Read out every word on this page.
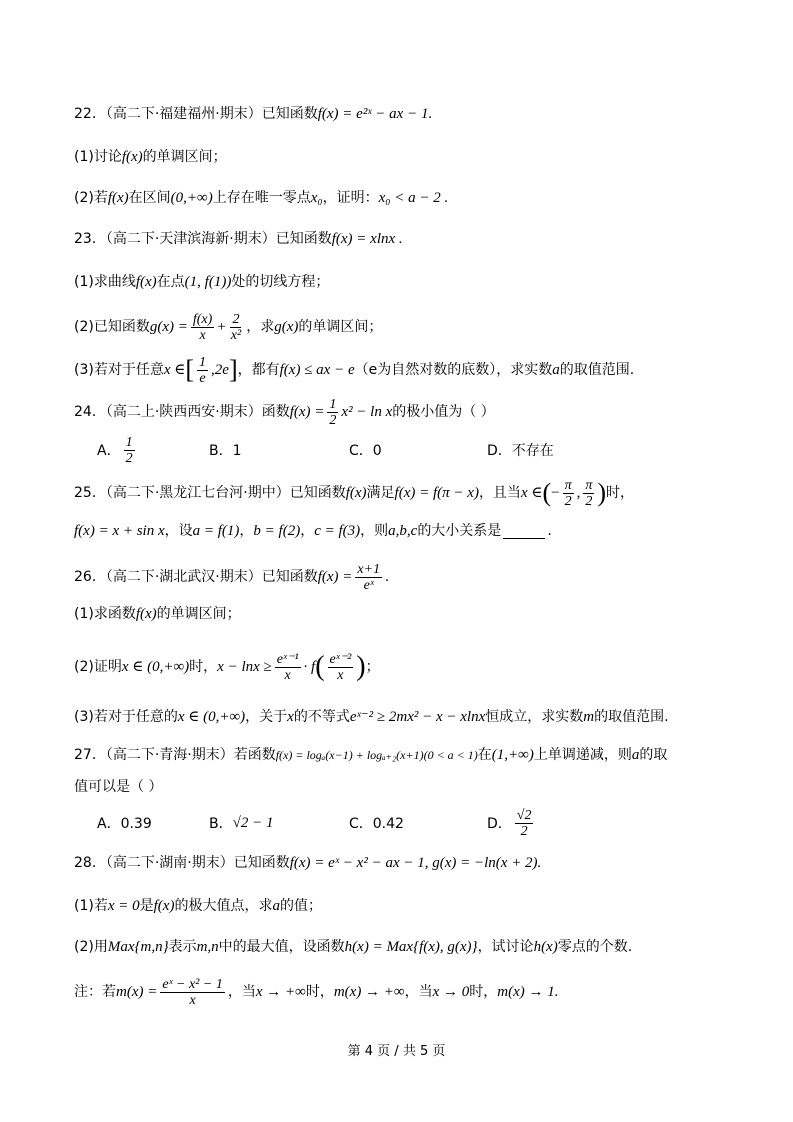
22．（高二下·福建福州·期末）已知函数 f(x) = e²ˣ − ax − 1.
(1)讨论 f(x) 的单调区间；
(2)若 f(x) 在区间 (0,+∞) 上存在唯一零点 x₀ ，证明： x₀ < a − 2 .
23．（高二下·天津滨海新·期末）已知函数 f(x) = xlnx .
(1)求曲线 f(x) 在点 (1, f(1)) 处的切线方程；
(2)已知函数 $g(x) = \frac{f(x)}{x} + \frac{2}{\text{x²}}$ ，求 g(x) 的单调区间；
(3)若对于任意 x ∈ [ $\frac{1}{e} ,2e$ ] ，都有 f(x) ≤ ax − e （e为自然对数的底数），求实数 a 的取值范围.
24．（高二上·陕西西安·期末）函数 $f(x) = \frac{1}{2} x^2 - \ln x$ 的极小值为（ ）
A． $\frac{1}{2}$	B．1	C．0	D．不存在
25．（高二下·黑龙江七台河·期中）已知函数 f(x) 满足 f(x) = f(π − x) ，且当 x ∈ ( − $\frac{\pi}{2}$ , $\frac{\pi}{2}$ ) 时，
f(x) = x + sin x ，设 a = f(1) ， b = f(2) ， c = f(3) ，则 a,b,c 的大小关系是	.
26．（高二下·湖北武汉·期末）已知函数 $f(x) = \frac{x+1}{\text{eˣ}}$ .
(1)求函数 f(x) 的单调区间；
(2)证明 x ∈ (0,+∞) 时， $x - \ln x \ge \frac{\text{eˣ⁻¹}}{x} \cdot f$ ( $\frac{\text{eˣ⁻²}}{x}$ ) ；
(3)若对于任意的 x ∈ (0,+∞) ，关于 x 的不等式 eˣ⁻² ≥ 2mx² − x − xlnx 恒成立，求实数 m 的取值范围.
27．（高二下·青海·期末）若函数 f(x) = logₐ(x−1) + logₐ₊₂(x+1)(0 < a < 1) 在 (1,+∞) 上单调递减，则 a 的取
值可以是（ ）
A．0.39	B． √2 − 1	C．0.42	D． $\frac{√2}{2}$
28．（高二下·湖南·期末）已知函数 f(x) = eˣ − x² − ax − 1, g(x) = −ln(x + 2).
(1)若 x = 0 是 f(x) 的极大值点，求 a 的值；
(2)用 Max{m,n} 表示 m,n 中的最大值，设函数 h(x) = Max{f(x), g(x)} ，试讨论 h(x) 零点的个数.
注：若 $m(x) = \frac{\text{eˣ − x² − 1}}{x}$ ，当 x → +∞ 时， m(x) → +∞ ，当 x → 0 时， m(x) → 1.
第 4 页 / 共 5 页
